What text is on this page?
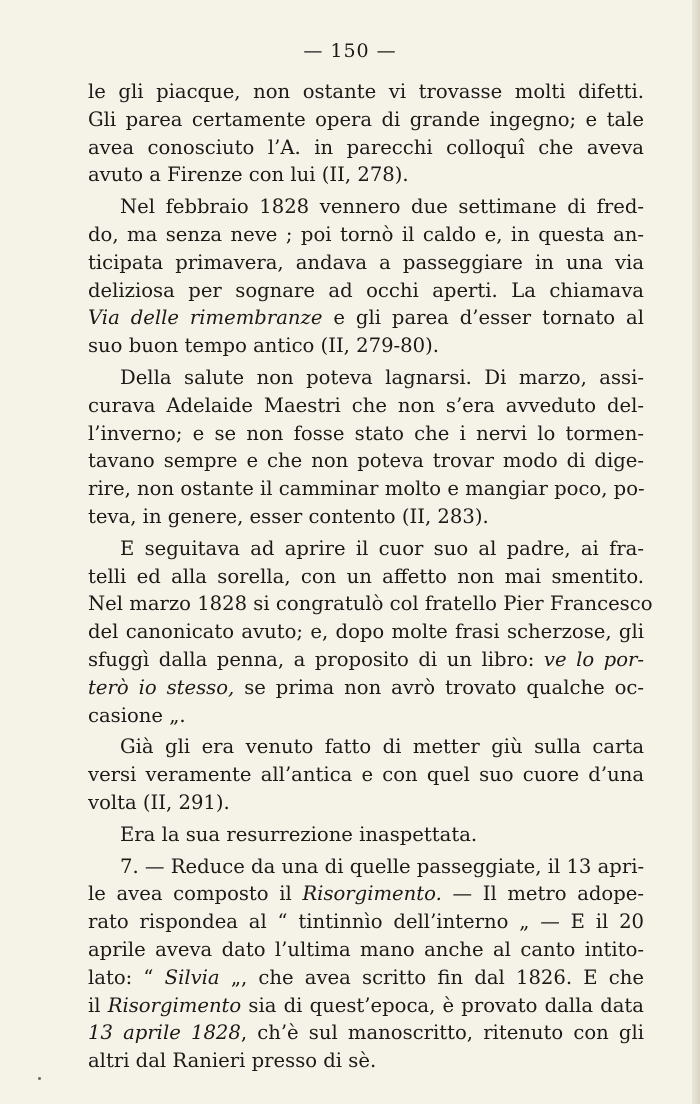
— 150 —
le gli piacque, non ostante vi trovasse molti difetti.
Gli parea certamente opera di grande ingegno; e tale
avea conosciuto l’A. in parecchi colloquî che aveva
avuto a Firenze con lui (II, 278).
Nel febbraio 1828 vennero due settimane di fred-
do, ma senza neve ; poi tornò il caldo e, in questa an-
ticipata primavera, andava a passeggiare in una via
deliziosa per sognare ad occhi aperti. La chiamava
Via delle rimembranze e gli parea d’esser tornato al
suo buon tempo antico (II, 279-80).
Della salute non poteva lagnarsi. Di marzo, assi-
curava Adelaide Maestri che non s’era avveduto del-
l’inverno; e se non fosse stato che i nervi lo tormen-
tavano sempre e che non poteva trovar modo di dige-
rire, non ostante il camminar molto e mangiar poco, po-
teva, in genere, esser contento (II, 283).
E seguitava ad aprire il cuor suo al padre, ai fra-
telli ed alla sorella, con un affetto non mai smentito.
Nel marzo 1828 si congratulò col fratello Pier Francesco
del canonicato avuto; e, dopo molte frasi scherzose, gli
sfuggì dalla penna, a proposito di un libro: ve lo por-
terò io stesso, se prima non avrò trovato qualche oc-
casione „.
Già gli era venuto fatto di metter giù sulla carta
versi veramente all’antica e con quel suo cuore d’una
volta (II, 291).
Era la sua resurrezione inaspettata.
7. — Reduce da una di quelle passeggiate, il 13 apri-
le avea composto il Risorgimento. — Il metro adope-
rato rispondea al “ tintinnìo dell’interno „ — E il 20
aprile aveva dato l’ultima mano anche al canto intito-
lato: “ Silvia „, che avea scritto fin dal 1826. E che
il Risorgimento sia di quest’epoca, è provato dalla data
13 aprile 1828, ch’è sul manoscritto, ritenuto con gli
altri dal Ranieri presso di sè.
